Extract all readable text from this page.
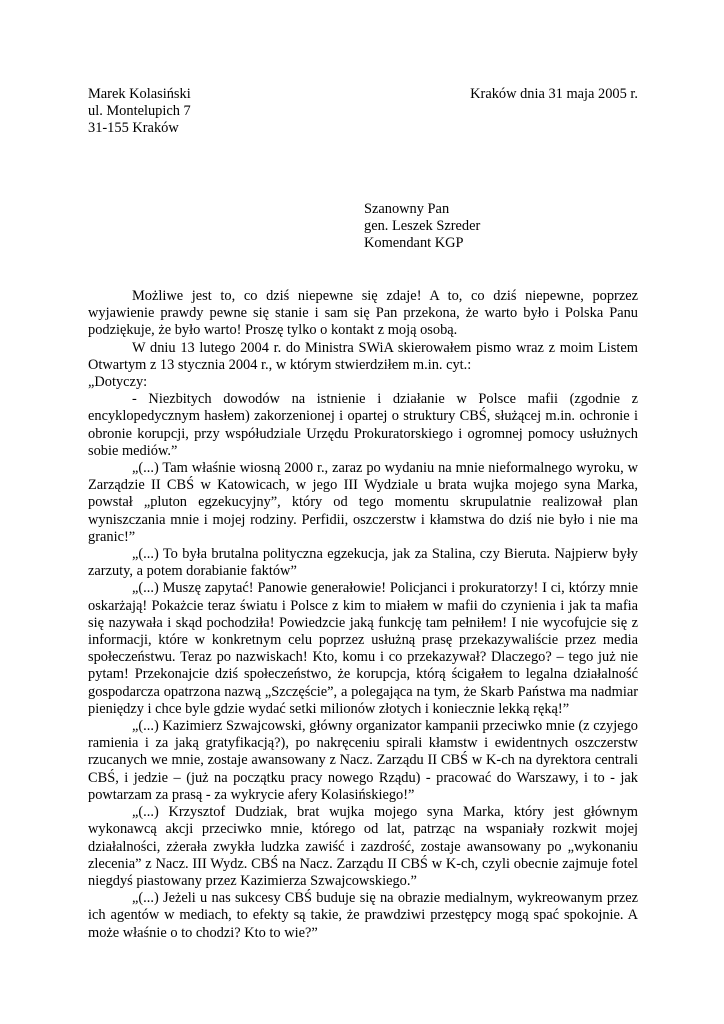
Marek Kolasiński
ul. Montelupich 7
31-155 Kraków
Kraków dnia 31 maja 2005 r.
Szanowny Pan
gen. Leszek Szreder
Komendant KGP

Możliwe jest to, co dziś niepewne się zdaje! A to, co dziś niepewne, poprzez wyjawienie prawdy pewne się stanie i sam się Pan przekona, że warto było i Polska Panu podziękuje, że było warto! Proszę tylko o kontakt z moją osobą.

W dniu 13 lutego 2004 r. do Ministra SWiA skierowałem pismo wraz z moim Listem Otwartym z 13 stycznia 2004 r., w którym stwierdziłem m.in. cyt.:

„Dotyczy:

- Niezbitych dowodów na istnienie i działanie w Polsce mafii (zgodnie z encyklopedycznym hasłem) zakorzenionej i opartej o struktury CBŚ, służącej m.in. ochronie i obronie korupcji, przy współudziale Urzędu Prokuratorskiego i ogromnej pomocy usłużnych sobie mediów.”

„(...) Tam właśnie wiosną 2000 r., zaraz po wydaniu na mnie nieformalnego wyroku, w Zarządzie II CBŚ w Katowicach, w jego III Wydziale u brata wujka mojego syna Marka, powstał „pluton egzekucyjny”, który od tego momentu skrupulatnie realizował plan wyniszczania mnie i mojej rodziny. Perfidii, oszczerstw i kłamstwa do dziś nie było i nie ma granic!”

„(...) To była brutalna polityczna egzekucja, jak za Stalina, czy Bieruta. Najpierw były zarzuty, a potem dorabianie faktów”

„(...) Muszę zapytać! Panowie generałowie! Policjanci i prokuratorzy! I ci, którzy mnie oskarżają! Pokażcie teraz światu i Polsce z kim to miałem w mafii do czynienia i jak ta mafia się nazywała i skąd pochodziła! Powiedzcie jaką funkcję tam pełniłem! I nie wycofujcie się z informacji, które w konkretnym celu poprzez usłużną prasę przekazywaliście przez media społeczeństwu. Teraz po nazwiskach! Kto, komu i co przekazywał? Dlaczego? – tego już nie pytam! Przekonajcie dziś społeczeństwo, że korupcja, którą ścigałem to legalna działalność gospodarcza opatrzona nazwą „Szczęście”, a polegająca na tym, że Skarb Państwa ma nadmiar pieniędzy i chce byle gdzie wydać setki milionów złotych i koniecznie lekką ręką!”

„(...) Kazimierz Szwajcowski, główny organizator kampanii przeciwko mnie (z czyjego ramienia i za jaką gratyfikacją?), po nakręceniu spirali kłamstw i ewidentnych oszczerstw rzucanych we mnie, zostaje awansowany z Nacz. Zarządu II CBŚ w K-ch na dyrektora centrali CBŚ, i jedzie – (już na początku pracy nowego Rządu) - pracować do Warszawy, i to - jak powtarzam za prasą - za wykrycie afery Kolasińskiego!”

„(...) Krzysztof Dudziak, brat wujka mojego syna Marka, który jest głównym wykonawcą akcji przeciwko mnie, którego od lat, patrząc na wspaniały rozkwit mojej działalności, zżerała zwykła ludzka zawiść i zazdrość, zostaje awansowany po „wykonaniu zlecenia” z Nacz. III Wydz. CBŚ na Nacz. Zarządu II CBŚ w K-ch, czyli obecnie zajmuje fotel niegdyś piastowany przez Kazimierza Szwajcowskiego.”

„(...) Jeżeli u nas sukcesy CBŚ buduje się na obrazie medialnym, wykreowanym przez ich agentów w mediach, to efekty są takie, że prawdziwi przestępcy mogą spać spokojnie. A może właśnie o to chodzi? Kto to wie?”
